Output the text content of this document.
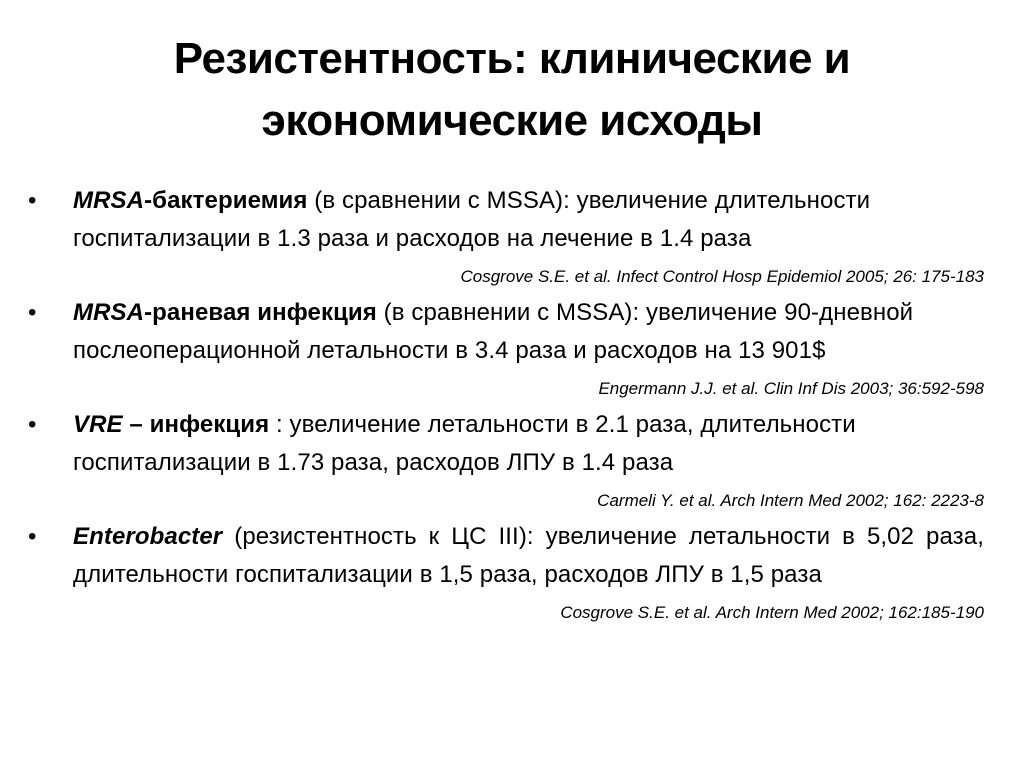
Резистентность: клинические и
экономические исходы
•	MRSA-бактериемия (в сравнении с MSSA): увеличение длительности госпитализации в 1.3 раза и расходов на лечение в 1.4 раза
Cosgrove S.E. et al. Infect Control Hosp Epidemiol 2005; 26: 175-183
•	MRSA-раневая инфекция (в сравнении с MSSA): увеличение 90-дневной послеоперационной летальности в 3.4 раза и расходов на 13 901$
Engermann J.J. et al. Clin Inf Dis 2003; 36:592-598
•	VRE – инфекция : увеличение летальности в 2.1 раза, длительности госпитализации в 1.73 раза, расходов ЛПУ в 1.4 раза
Carmeli Y. et al. Arch Intern Med 2002; 162: 2223-8
•	Enterobacter (резистентность к ЦС III): увеличение летальности в 5,02 раза, длительности госпитализации в 1,5 раза, расходов ЛПУ в 1,5 раза
Cosgrove S.E. et al. Arch Intern Med 2002; 162:185-190
